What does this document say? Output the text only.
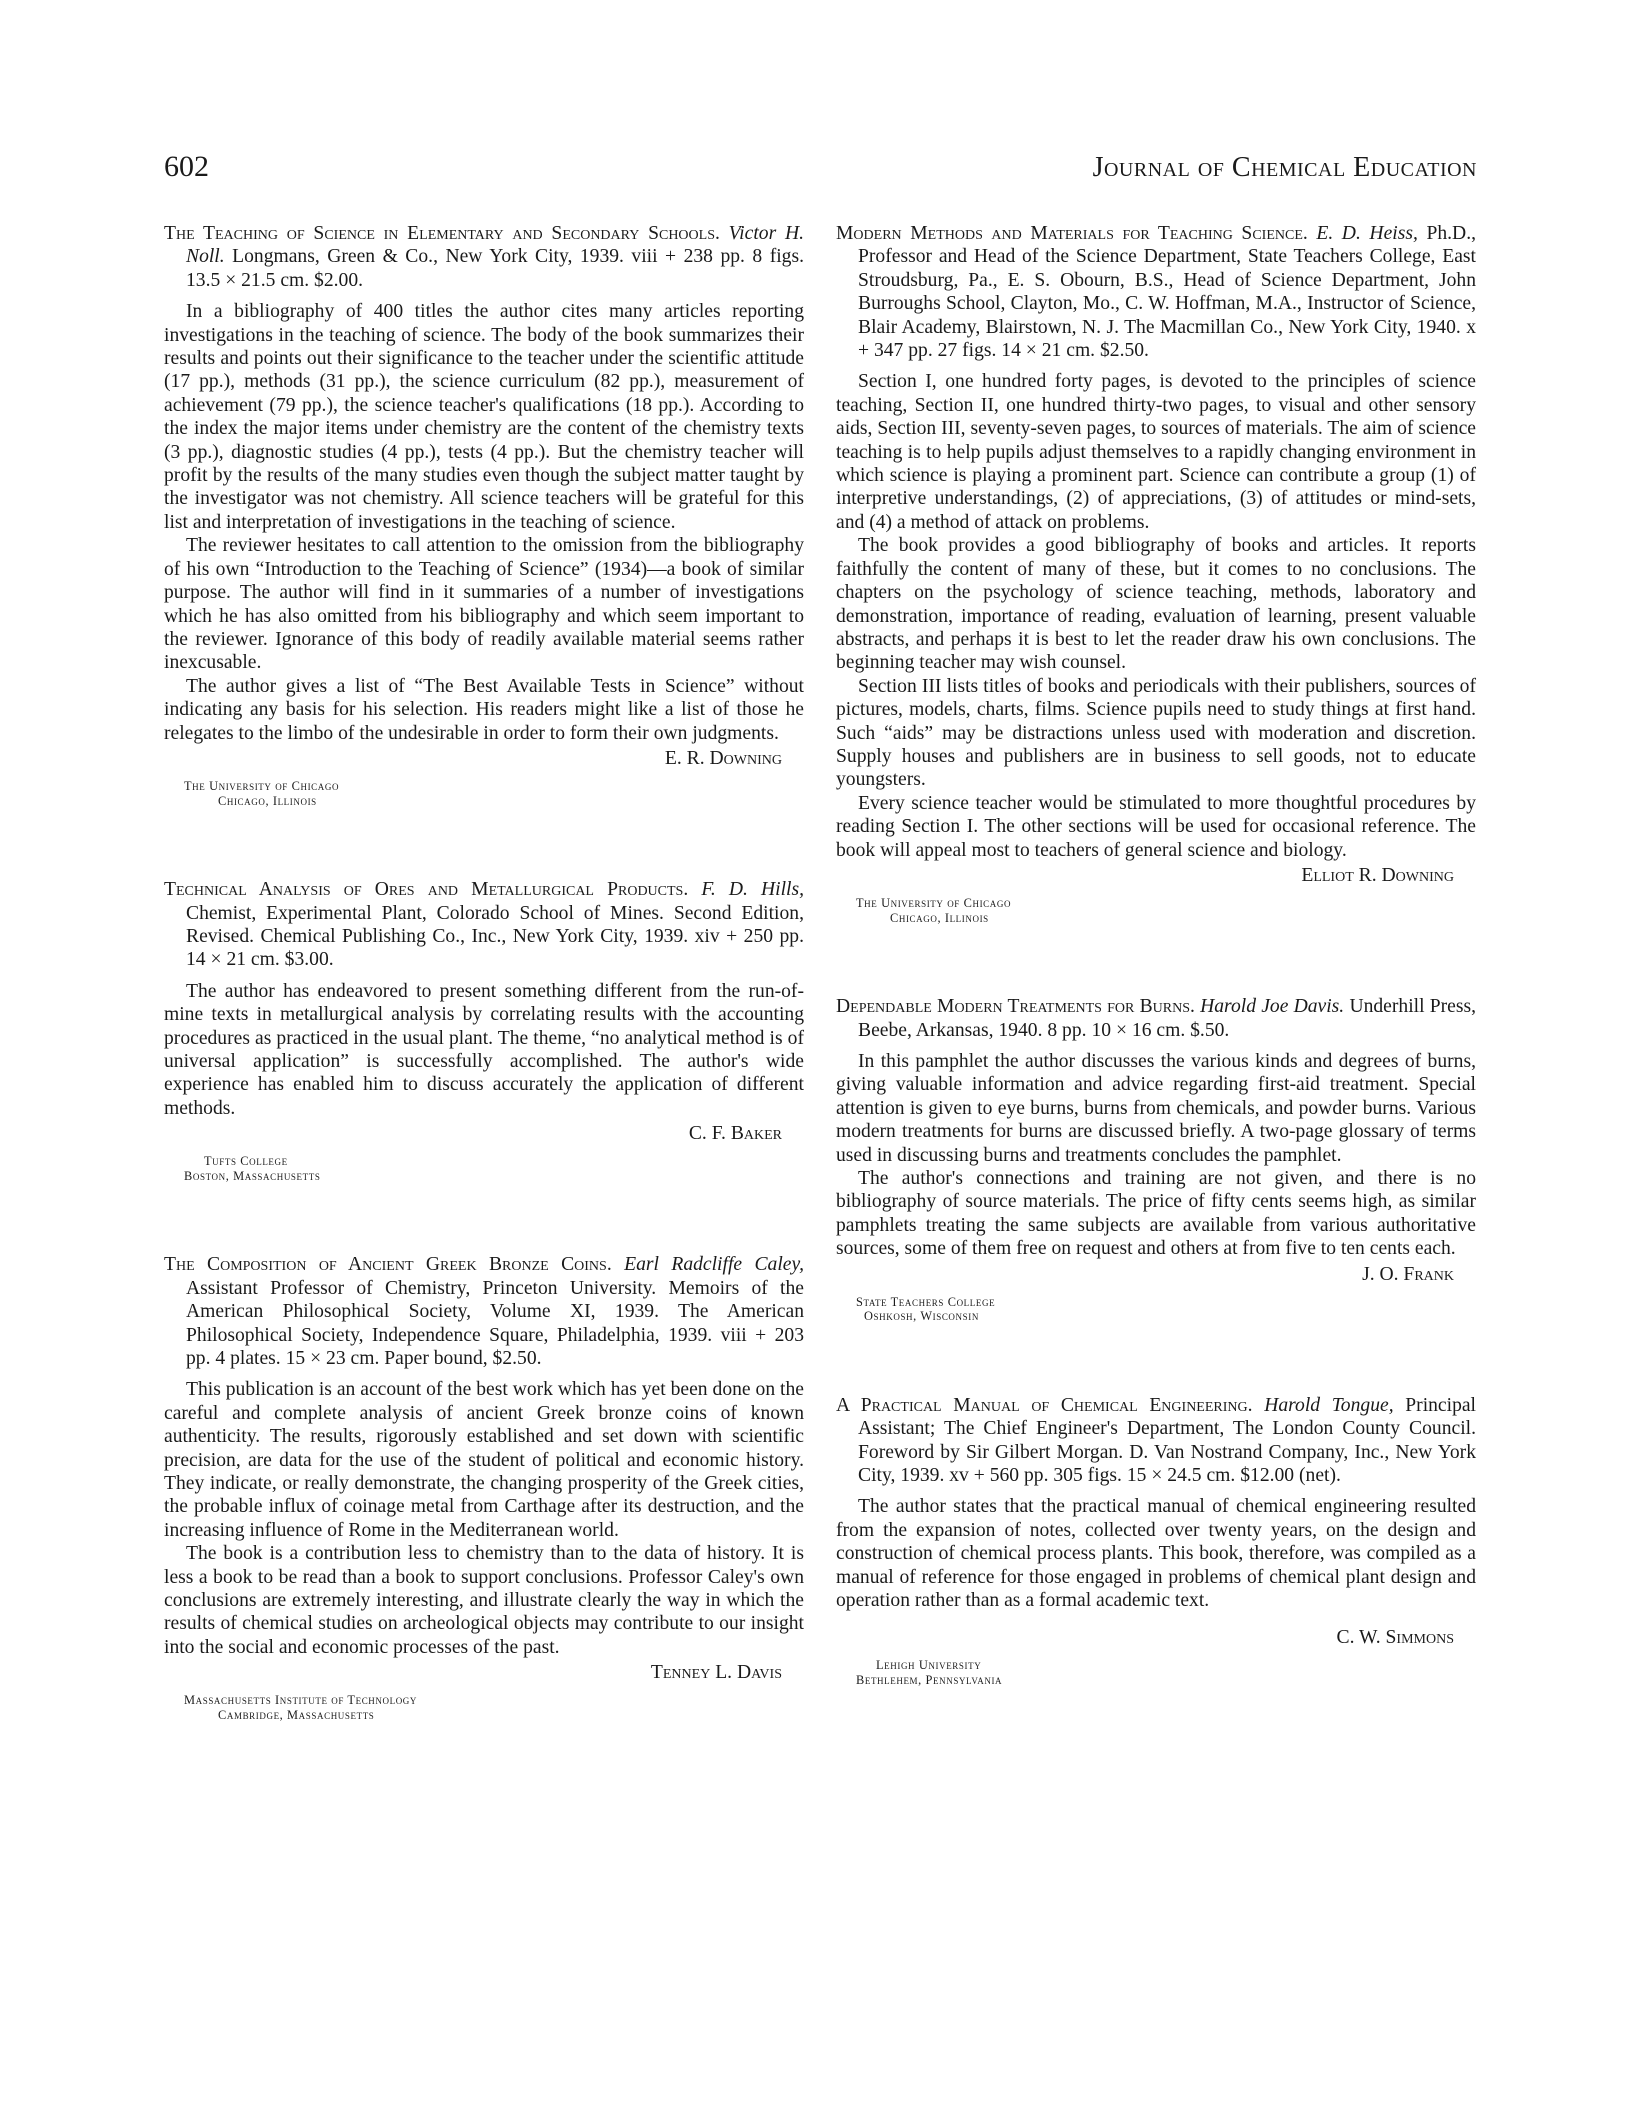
602	Journal of Chemical Education

The Teaching of Science in Elementary and Secondary Schools. Victor H. Noll. Longmans, Green & Co., New York City, 1939. viii + 238 pp. 8 figs. 13.5 × 21.5 cm. $2.00.

In a bibliography of 400 titles the author cites many articles reporting investigations in the teaching of science. The body of the book summarizes their results and points out their significance to the teacher under the scientific attitude (17 pp.), methods (31 pp.), the science curriculum (82 pp.), measurement of achievement (79 pp.), the science teacher's qualifications (18 pp.). According to the index the major items under chemistry are the content of the chemistry texts (3 pp.), diagnostic studies (4 pp.), tests (4 pp.). But the chemistry teacher will profit by the results of the many studies even though the subject matter taught by the investigator was not chemistry. All science teachers will be grateful for this list and interpretation of investigations in the teaching of science.

The reviewer hesitates to call attention to the omission from the bibliography of his own “Introduction to the Teaching of Science” (1934)—a book of similar purpose. The author will find in it summaries of a number of investigations which he has also omitted from his bibliography and which seem important to the reviewer. Ignorance of this body of readily available material seems rather inexcusable.

The author gives a list of “The Best Available Tests in Science” without indicating any basis for his selection. His readers might like a list of those he relegates to the limbo of the undesirable in order to form their own judgments.

E. R. Downing
The University of Chicago
Chicago, Illinois

Technical Analysis of Ores and Metallurgical Products. F. D. Hills, Chemist, Experimental Plant, Colorado School of Mines. Second Edition, Revised. Chemical Publishing Co., Inc., New York City, 1939. xiv + 250 pp. 14 × 21 cm. $3.00.

The author has endeavored to present something different from the run-of-mine texts in metallurgical analysis by correlating results with the accounting procedures as practiced in the usual plant. The theme, “no analytical method is of universal application” is successfully accomplished. The author's wide experience has enabled him to discuss accurately the application of different methods.

C. F. Baker
Tufts College
Boston, Massachusetts

The Composition of Ancient Greek Bronze Coins. Earl Radcliffe Caley, Assistant Professor of Chemistry, Princeton University. Memoirs of the American Philosophical Society, Volume XI, 1939. The American Philosophical Society, Independence Square, Philadelphia, 1939. viii + 203 pp. 4 plates. 15 × 23 cm. Paper bound, $2.50.

This publication is an account of the best work which has yet been done on the careful and complete analysis of ancient Greek bronze coins of known authenticity. The results, rigorously established and set down with scientific precision, are data for the use of the student of political and economic history. They indicate, or really demonstrate, the changing prosperity of the Greek cities, the probable influx of coinage metal from Carthage after its destruction, and the increasing influence of Rome in the Mediterranean world.

The book is a contribution less to chemistry than to the data of history. It is less a book to be read than a book to support conclusions. Professor Caley's own conclusions are extremely interesting, and illustrate clearly the way in which the results of chemical studies on archeological objects may contribute to our insight into the social and economic processes of the past.

Tenney L. Davis
Massachusetts Institute of Technology
Cambridge, Massachusetts

Modern Methods and Materials for Teaching Science. E. D. Heiss, Ph.D., Professor and Head of the Science Department, State Teachers College, East Stroudsburg, Pa., E. S. Obourn, B.S., Head of Science Department, John Burroughs School, Clayton, Mo., C. W. Hoffman, M.A., Instructor of Science, Blair Academy, Blairstown, N. J. The Macmillan Co., New York City, 1940. x + 347 pp. 27 figs. 14 × 21 cm. $2.50.

Section I, one hundred forty pages, is devoted to the principles of science teaching, Section II, one hundred thirty-two pages, to visual and other sensory aids, Section III, seventy-seven pages, to sources of materials. The aim of science teaching is to help pupils adjust themselves to a rapidly changing environment in which science is playing a prominent part. Science can contribute a group (1) of interpretive understandings, (2) of appreciations, (3) of attitudes or mind-sets, and (4) a method of attack on problems.

The book provides a good bibliography of books and articles. It reports faithfully the content of many of these, but it comes to no conclusions. The chapters on the psychology of science teaching, methods, laboratory and demonstration, importance of reading, evaluation of learning, present valuable abstracts, and perhaps it is best to let the reader draw his own conclusions. The beginning teacher may wish counsel.

Section III lists titles of books and periodicals with their publishers, sources of pictures, models, charts, films. Science pupils need to study things at first hand. Such “aids” may be distractions unless used with moderation and discretion. Supply houses and publishers are in business to sell goods, not to educate youngsters.

Every science teacher would be stimulated to more thoughtful procedures by reading Section I. The other sections will be used for occasional reference. The book will appeal most to teachers of general science and biology.

Elliot R. Downing
The University of Chicago
Chicago, Illinois

Dependable Modern Treatments for Burns. Harold Joe Davis. Underhill Press, Beebe, Arkansas, 1940. 8 pp. 10 × 16 cm. $.50.

In this pamphlet the author discusses the various kinds and degrees of burns, giving valuable information and advice regarding first-aid treatment. Special attention is given to eye burns, burns from chemicals, and powder burns. Various modern treatments for burns are discussed briefly. A two-page glossary of terms used in discussing burns and treatments concludes the pamphlet.

The author's connections and training are not given, and there is no bibliography of source materials. The price of fifty cents seems high, as similar pamphlets treating the same subjects are available from various authoritative sources, some of them free on request and others at from five to ten cents each.

J. O. Frank
State Teachers College
Oshkosh, Wisconsin

A Practical Manual of Chemical Engineering. Harold Tongue, Principal Assistant; The Chief Engineer's Department, The London County Council. Foreword by Sir Gilbert Morgan. D. Van Nostrand Company, Inc., New York City, 1939. xv + 560 pp. 305 figs. 15 × 24.5 cm. $12.00 (net).

The author states that the practical manual of chemical engineering resulted from the expansion of notes, collected over twenty years, on the design and construction of chemical process plants. This book, therefore, was compiled as a manual of reference for those engaged in problems of chemical plant design and operation rather than as a formal academic text.

C. W. Simmons
Lehigh University
Bethlehem, Pennsylvania
